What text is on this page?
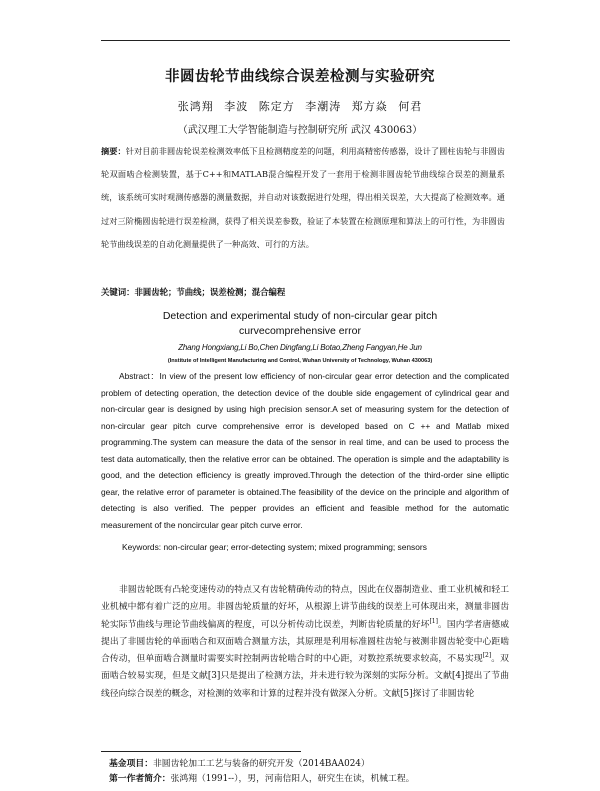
非圆齿轮节曲线综合误差检测与实验研究
张鸿翔 李波 陈定方 李潮涛 郑方焱 何君
（武汉理工大学智能制造与控制研究所 武汉 430063）
摘要：针对目前非圆齿轮误差检测效率低下且检测精度差的问题，利用高精密传感器，设计了圆柱齿轮与非圆齿轮双面啮合检测装置，基于C++和MATLAB混合编程开发了一套用于检测非圆齿轮节曲线综合误差的测量系统，该系统可实时观测传感器的测量数据，并自动对该数据进行处理，得出相关误差，大大提高了检测效率。通过对三阶椭圆齿轮进行误差检测，获得了相关误差参数，验证了本装置在检测原理和算法上的可行性，为非圆齿轮节曲线误差的自动化测量提供了一种高效、可行的方法。
关键词：非圆齿轮；节曲线；误差检测；混合编程
Detection and experimental study of non-circular gear pitch
curvecomprehensive error
Zhang Hongxiang,Li Bo,Chen Dingfang,Li Botao,Zheng Fangyan,He Jun
(Institute of Intelligent Manufacturing and Control, Wuhan University of Technology, Wuhan 430063)
Abstract：In view of the present low efficiency of non-circular gear error detection and the complicated problem of detecting operation, the detection device of the double side engagement of cylindrical gear and non-circular gear is designed by using high precision sensor.A set of measuring system for the detection of non-circular gear pitch curve comprehensive error is developed based on C ++ and Matlab mixed programming.The system can measure the data of the sensor in real time, and can be used to process the test data automatically, then the relative error can be obtained. The operation is simple and the adaptability is good, and the detection efficiency is greatly improved.Through the detection of the third-order sine elliptic gear, the relative error of parameter is obtained.The feasibility of the device on the principle and algorithm of detecting is also verified. The pepper provides an efficient and feasible method for the automatic measurement of the noncircular gear pitch curve error.
Keywords: non-circular gear; error-detecting system; mixed programming; sensors
非圆齿轮既有凸轮变速传动的特点又有齿轮精确传动的特点，因此在仪器制造业、重工业机械和轻工业机械中都有着广泛的应用。非圆齿轮质量的好坏，从根源上讲节曲线的误差上可体现出来，测量非圆齿轮实际节曲线与理论节曲线偏离的程度，可以分析传动比误差，判断齿轮质量的好坏[1]。国内学者唐德威提出了非圆齿轮的单面啮合和双面啮合测量方法，其原理是利用标准圆柱齿轮与被测非圆齿轮变中心距啮合传动，但单面啮合测量时需要实时控制两齿轮啮合时的中心距，对数控系统要求较高，不易实现[2]。双面啮合较易实现，但是文献[3]只是提出了检测方法，并未进行较为深刻的实际分析。文献[4]提出了节曲线径向综合误差的概念，对检测的效率和计算的过程并没有做深入分析。文献[5]探讨了非圆齿轮
基金项目：非圆齿轮加工工艺与装备的研究开发（2014BAA024）
第一作者简介：张鸿翔（1991--），男，河南信阳人，研究生在读，机械工程。
